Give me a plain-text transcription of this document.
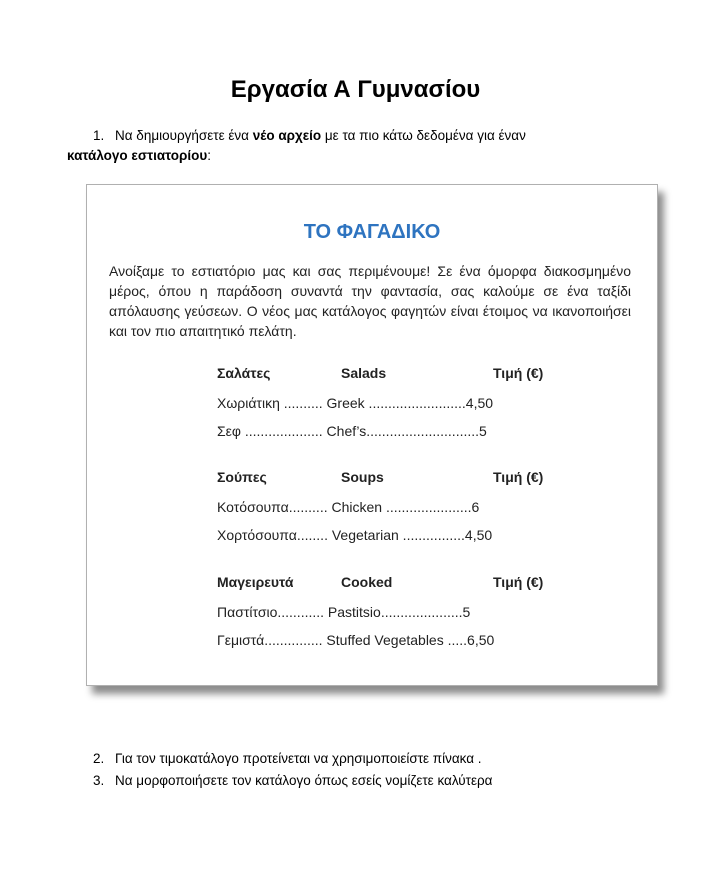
Εργασία Α Γυμνασίου
1. Να δημιουργήσετε ένα νέο αρχείο με τα πιο κάτω δεδομένα για έναν
κατάλογο εστιατορίου:
ΤΟ ΦΑΓΑΔΙΚΟ
Ανοίξαμε το εστιατόριο μας και σας περιμένουμε! Σε ένα όμορφα διακοσμημένο μέρος, όπου η παράδοση συναντά την φαντασία, σας καλούμε σε ένα ταξίδι απόλαυσης γεύσεων. Ο νέος μας κατάλογος φαγητών είναι έτοιμος να ικανοποιήσει και τον πιο απαιτητικό πελάτη.
Σαλάτες	Salads	Τιμή (€)
Χωριάτικη .......... Greek .........................4,50
Σεφ .................... Chef’s.............................5
Σούπες	Soups	Τιμή (€)
Κοτόσουπα.......... Chicken ......................6
Χορτόσουπα........ Vegetarian ................4,50
Μαγειρευτά	Cooked	Τιμή (€)
Παστίτσιο............ Pastitsio.....................5
Γεμιστά............... Stuffed Vegetables .....6,50
2. Για τον τιμοκατάλογο προτείνεται να χρησιμοποιείστε πίνακα .
3. Να μορφοποιήσετε τον κατάλογο όπως εσείς νομίζετε καλύτερα
